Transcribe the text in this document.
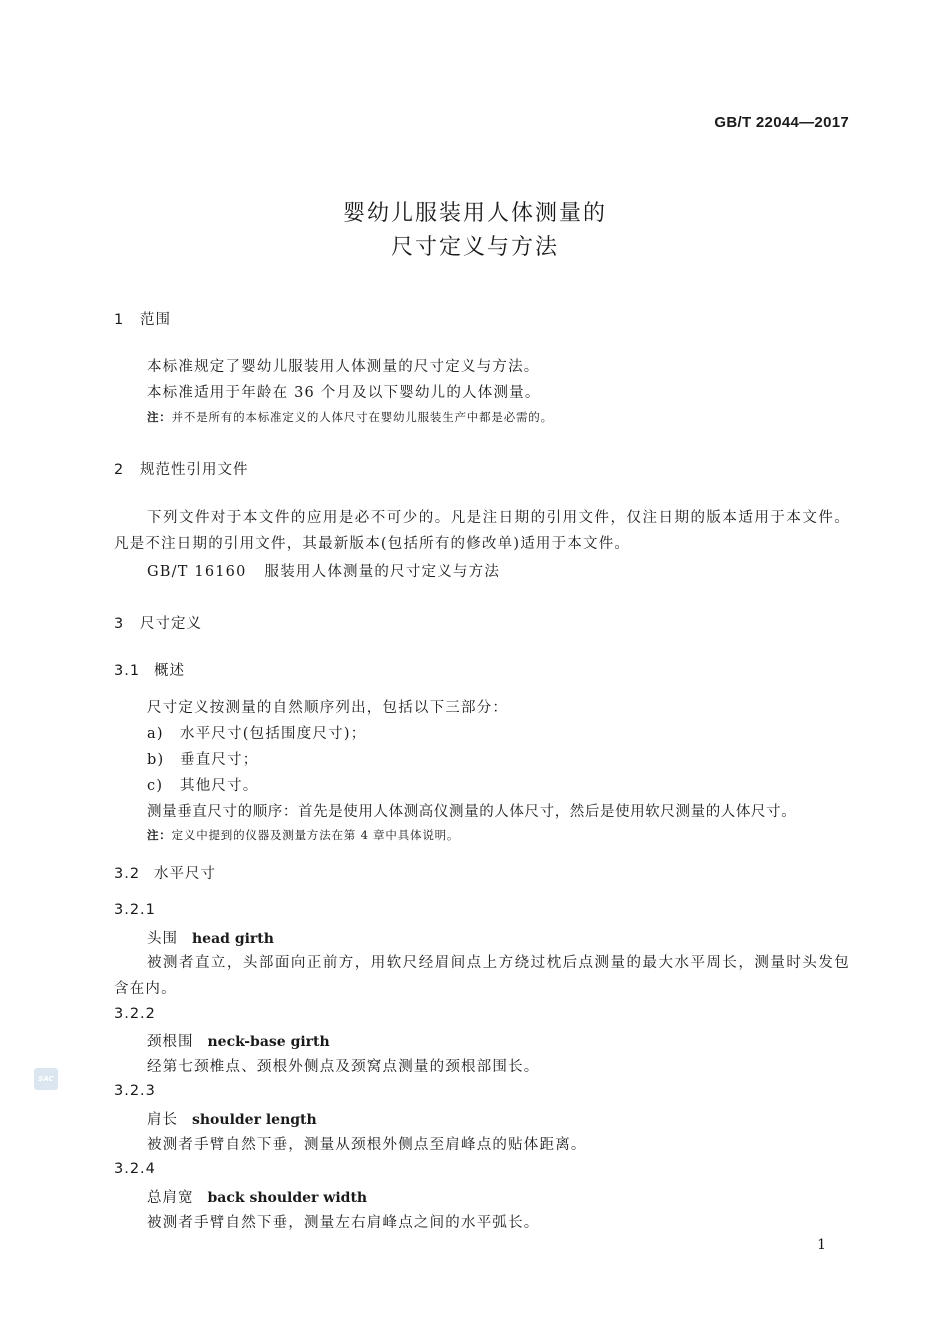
GB/T 22044—2017
婴幼儿服装用人体测量的
尺寸定义与方法
1 范围
本标准规定了婴幼儿服装用人体测量的尺寸定义与方法。
本标准适用于年龄在 36 个月及以下婴幼儿的人体测量。
注：并不是所有的本标准定义的人体尺寸在婴幼儿服装生产中都是必需的。
2 规范性引用文件
下列文件对于本文件的应用是必不可少的。凡是注日期的引用文件，仅注日期的版本适用于本文件。凡是不注日期的引用文件，其最新版本(包括所有的修改单)适用于本文件。
GB/T 16160 服装用人体测量的尺寸定义与方法
3 尺寸定义
3.1 概述
尺寸定义按测量的自然顺序列出，包括以下三部分：
a) 水平尺寸(包括围度尺寸)；
b) 垂直尺寸；
c) 其他尺寸。
测量垂直尺寸的顺序：首先是使用人体测高仪测量的人体尺寸，然后是使用软尺测量的人体尺寸。
注：定义中提到的仪器及测量方法在第 4 章中具体说明。
3.2 水平尺寸
3.2.1
头围 head girth
被测者直立，头部面向正前方，用软尺经眉间点上方绕过枕后点测量的最大水平周长，测量时头发包含在内。
3.2.2
颈根围 neck-base girth
经第七颈椎点、颈根外侧点及颈窝点测量的颈根部围长。
3.2.3
肩长 shoulder length
被测者手臂自然下垂，测量从颈根外侧点至肩峰点的贴体距离。
3.2.4
总肩宽 back shoulder width
被测者手臂自然下垂，测量左右肩峰点之间的水平弧长。
SAC
1
